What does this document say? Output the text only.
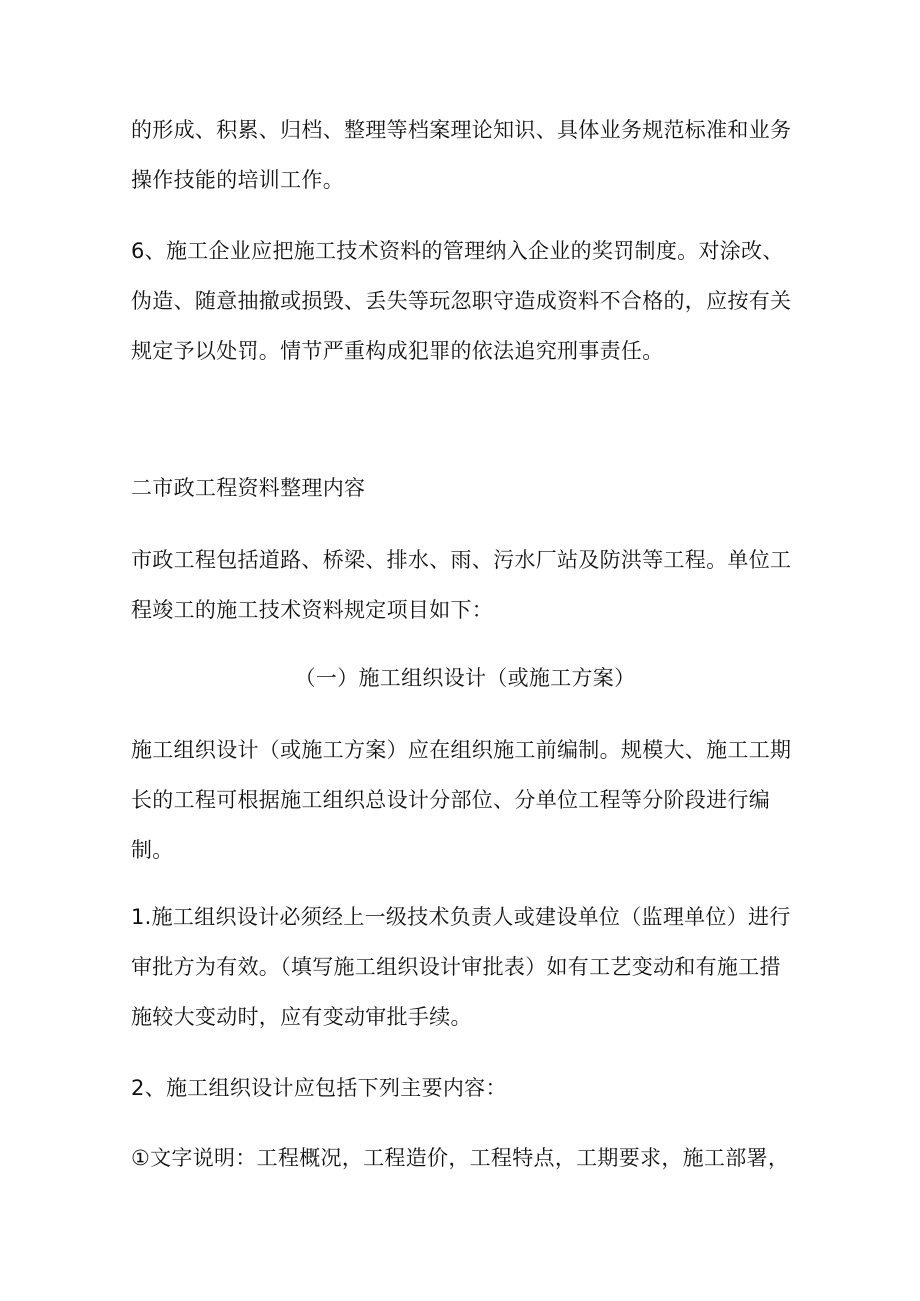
的形成、积累、归档、整理等档案理论知识、具体业务规范标准和业务操作技能的培训工作。

6、施工企业应把施工技术资料的管理纳入企业的奖罚制度。对涂改、伪造、随意抽撤或损毁、丢失等玩忽职守造成资料不合格的，应按有关规定予以处罚。情节严重构成犯罪的依法追究刑事责任。

二市政工程资料整理内容

市政工程包括道路、桥梁、排水、雨、污水厂站及防洪等工程。单位工程竣工的施工技术资料规定项目如下：

（一）施工组织设计（或施工方案）

施工组织设计（或施工方案）应在组织施工前编制。规模大、施工工期长的工程可根据施工组织总设计分部位、分单位工程等分阶段进行编制。

1.施工组织设计必须经上一级技术负责人或建设单位（监理单位）进行审批方为有效。（填写施工组织设计审批表）如有工艺变动和有施工措施较大变动时，应有变动审批手续。

2、施工组织设计应包括下列主要内容：

①文字说明：工程概况，工程造价，工程特点，工期要求，施工部署，
